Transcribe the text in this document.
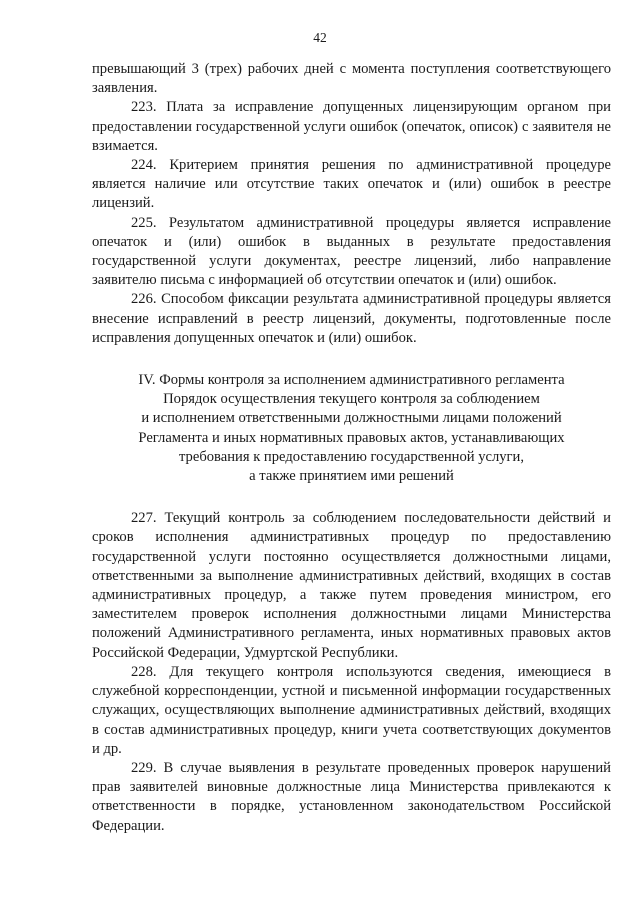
42

превышающий 3 (трех) рабочих дней с момента поступления соответствующего заявления.

223. Плата за исправление допущенных лицензирующим органом при предоставлении государственной услуги ошибок (опечаток, описок) с заявителя не взимается.

224. Критерием принятия решения по административной процедуре является наличие или отсутствие таких опечаток и (или) ошибок в реестре лицензий.

225. Результатом административной процедуры является исправление опечаток и (или) ошибок в выданных в результате предоставления государственной услуги документах, реестре лицензий, либо направление заявителю письма с информацией об отсутствии опечаток и (или) ошибок.

226. Способом фиксации результата административной процедуры является внесение исправлений в реестр лицензий, документы, подготовленные после исправления допущенных опечаток и (или) ошибок.

IV. Формы контроля за исполнением административного регламента
Порядок осуществления текущего контроля за соблюдением
и исполнением ответственными должностными лицами положений
Регламента и иных нормативных правовых актов, устанавливающих
требования к предоставлению государственной услуги,
а также принятием ими решений

227. Текущий контроль за соблюдением последовательности действий и сроков исполнения административных процедур по предоставлению государственной услуги постоянно осуществляется должностными лицами, ответственными за выполнение административных действий, входящих в состав административных процедур, а также путем проведения министром, его заместителем проверок исполнения должностными лицами Министерства положений Административного регламента, иных нормативных правовых актов Российской Федерации, Удмуртской Республики.

228. Для текущего контроля используются сведения, имеющиеся в служебной корреспонденции, устной и письменной информации государственных служащих, осуществляющих выполнение административных действий, входящих в состав административных процедур, книги учета соответствующих документов и др.

229. В случае выявления в результате проведенных проверок нарушений прав заявителей виновные должностные лица Министерства привлекаются к ответственности в порядке, установленном законодательством Российской Федерации.
